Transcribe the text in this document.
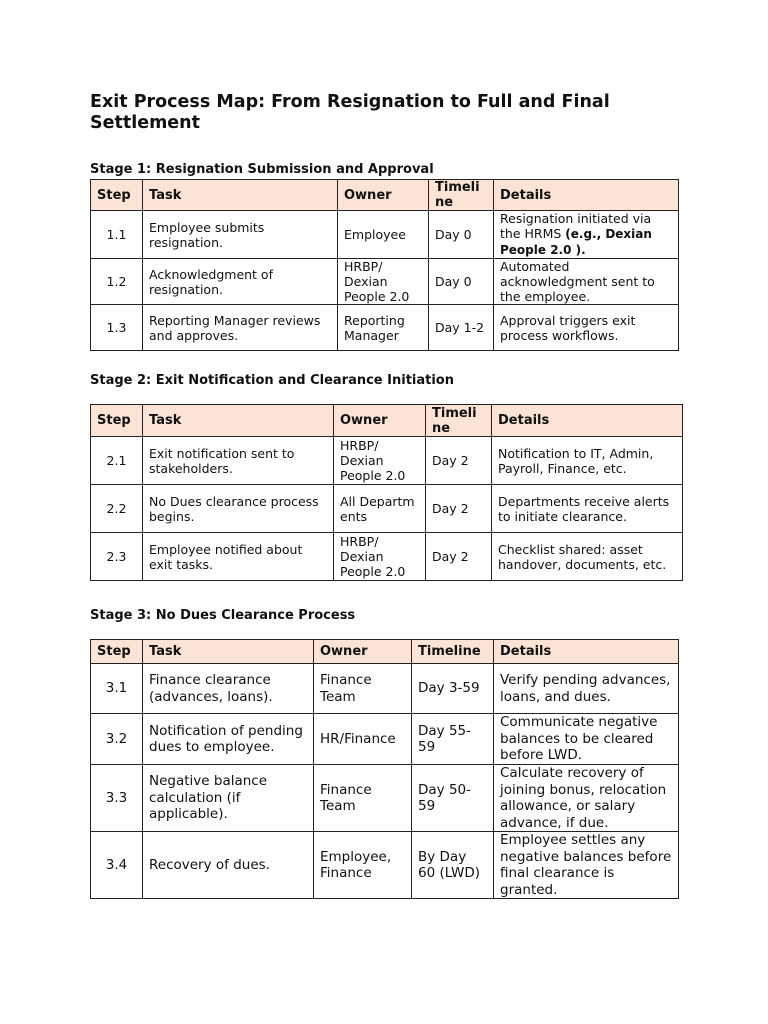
Exit Process Map: From Resignation to Full and Final Settlement
Stage 1: Resignation Submission and Approval
Step	Task	Owner	Timeline	Details
1.1	Employee submits resignation.	Employee	Day 0	Resignation initiated via the HRMS (e.g., Dexian People 2.0 ).
1.2	Acknowledgment of resignation.	HRBP/ Dexian People 2.0	Day 0	Automated acknowledgment sent to the employee.
1.3	Reporting Manager reviews and approves.	Reporting Manager	Day 1-2	Approval triggers exit process workflows.
Stage 2: Exit Notification and Clearance Initiation
Step	Task	Owner	Timeline	Details
2.1	Exit notification sent to stakeholders.	HRBP/ Dexian People 2.0	Day 2	Notification to IT, Admin, Payroll, Finance, etc.
2.2	No Dues clearance process begins.	All Departments	Day 2	Departments receive alerts to initiate clearance.
2.3	Employee notified about exit tasks.	HRBP/ Dexian People 2.0	Day 2	Checklist shared: asset handover, documents, etc.
Stage 3: No Dues Clearance Process
Step	Task	Owner	Timeline	Details
3.1	Finance clearance (advances, loans).	Finance Team	Day 3-59	Verify pending advances, loans, and dues.
3.2	Notification of pending dues to employee.	HR/Finance	Day 55-59	Communicate negative balances to be cleared before LWD.
3.3	Negative balance calculation (if applicable).	Finance Team	Day 50-59	Calculate recovery of joining bonus, relocation allowance, or salary advance, if due.
3.4	Recovery of dues.	Employee, Finance	By Day 60 (LWD)	Employee settles any negative balances before final clearance is granted.
